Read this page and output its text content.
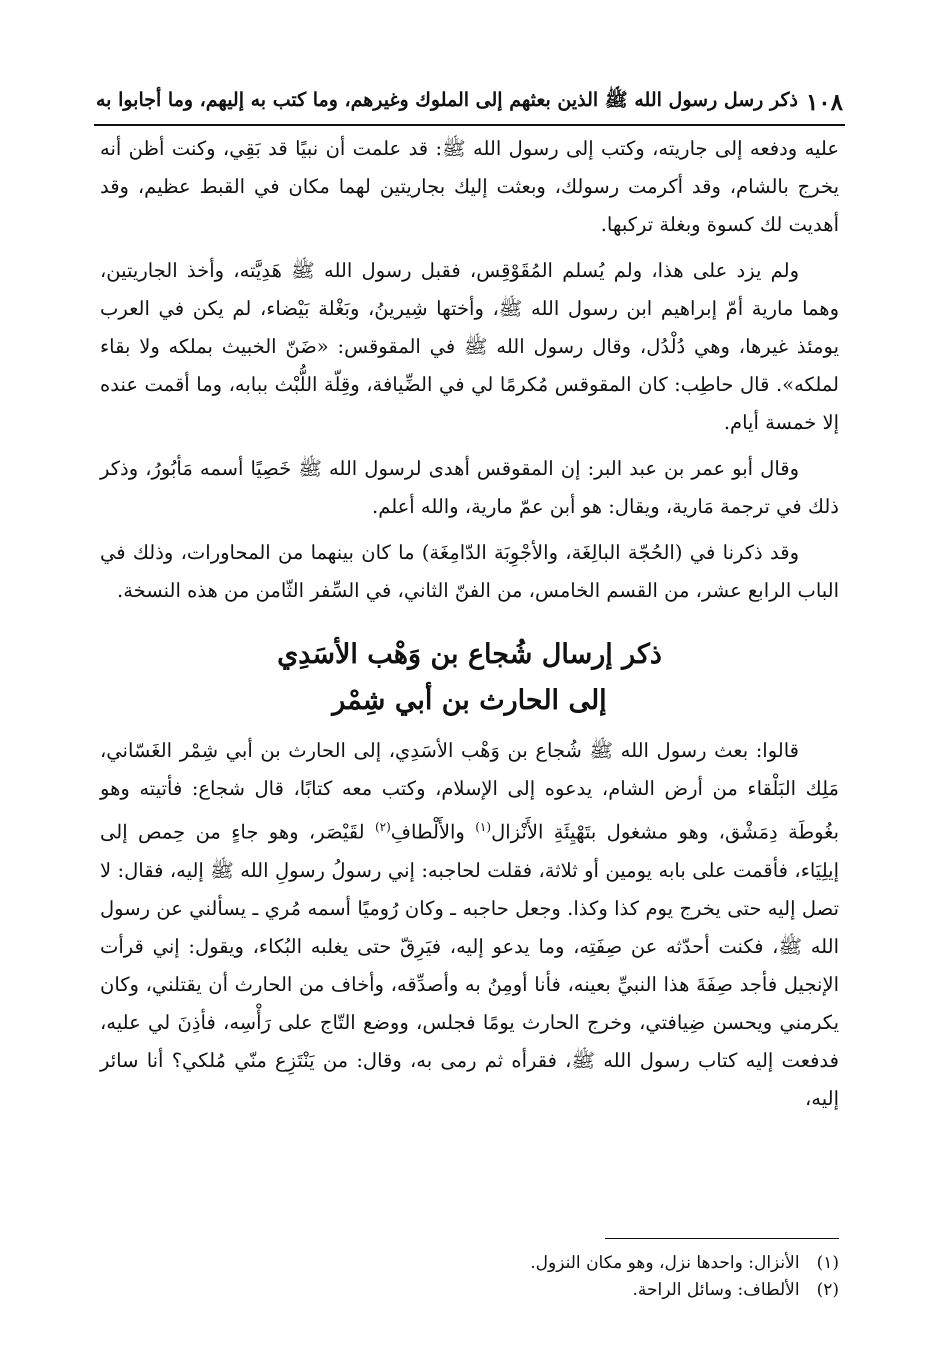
١٠٨
ذكر رسل رسول الله ﷺ الذين بعثهم إلى الملوك وغيرهم، وما كتب به إليهم، وما أجابوا به

عليه ودفعه إلى جاريته، وكتب إلى رسول الله ﷺ: قد علمت أن نبيًا قد بَقِي، وكنت أظن أنه يخرج بالشام، وقد أكرمت رسولك، وبعثت إليك بجاريتين لهما مكان في القبط عظيم، وقد أهديت لك كسوة وبغلة تركبها.

ولم يزد على هذا، ولم يُسلم المُقَوْقِس، فقبل رسول الله ﷺ هَدِيَّته، وأخذ الجاريتين، وهما مارية أمّ إبراهيم ابن رسول الله ﷺ، وأختها شِيرينُ، وبَغْلة بَيْضاء، لم يكن في العرب يومئذ غيرها، وهي دُلْدُل، وقال رسول الله ﷺ في المقوقس: «ضَنّ الخبيث بملكه ولا بقاء لملكه». قال حاطِب: كان المقوقس مُكرمًا لي في الضِّيافة، وقِلّة اللُّبْث ببابه، وما أقمت عنده إلا خمسة أيام.

وقال أبو عمر بن عبد البر: إن المقوقس أهدى لرسول الله ﷺ خَصِيًا أسمه مَأبُورُ، وذكر ذلك في ترجمة مَارية، ويقال: هو أبن عمّ مارية، والله أعلم.

وقد ذكرنا في (الحُجّة البالِغَة، والأجْوِبَة الدّامِغَة) ما كان بينهما من المحاورات، وذلك في الباب الرابع عشر، من القسم الخامس، من الفنّ الثاني، في السِّفر الثّامن من هذه النسخة.

ذكر إرسال شُجاع بن وَهْب الأسَدِي
إلى الحارث بن أبي شِمْر

قالوا: بعث رسول الله ﷺ شُجاع بن وَهْب الأسَدِي، إلى الحارث بن أبي شِمْر الغَسّاني، مَلِك البَلْقاء من أرض الشام، يدعوه إلى الإسلام، وكتب معه كتابًا، قال شجاع: فأتيته وهو بغُوطَة دِمَشْق، وهو مشغول بتَهْيِئَةِ الأَنْزال$^{(١)}$ والأَلْطافِ$^{(٢)}$ لقَيْصَر، وهو جاءٍ من حِمص إلى إيلِيَاء، فأقمت على بابه يومين أو ثلاثة، فقلت لحاجبه: إني رسولُ رسولِ الله ﷺ إليه، فقال: لا تصل إليه حتى يخرج يوم كذا وكذا. وجعل حاجبه ـ وكان رُوميًا أسمه مُري ـ يسألني عن رسول الله ﷺ، فكنت أحدّثه عن صِفَتِه، وما يدعو إليه، فيَرِقّ حتى يغلبه البُكاء، ويقول: إني قرأت الإنجيل فأجد صِفَةَ هذا النبيِّ بعينه، فأنا أومِنُ به وأصدِّقه، وأخاف من الحارث أن يقتلني، وكان يكرمني ويحسن ضِيافتي، وخرج الحارث يومًا فجلس، ووضع التّاج على رَأْسِه، فأذِنَ لي عليه، فدفعت إليه كتاب رسول الله ﷺ، فقرأه ثم رمى به، وقال: من يَنْتَزِع منّي مُلكي؟ أنا سائر إليه،

(١) الأنزال: واحدها نزل، وهو مكان النزول.

(٢) الألطاف: وسائل الراحة.
